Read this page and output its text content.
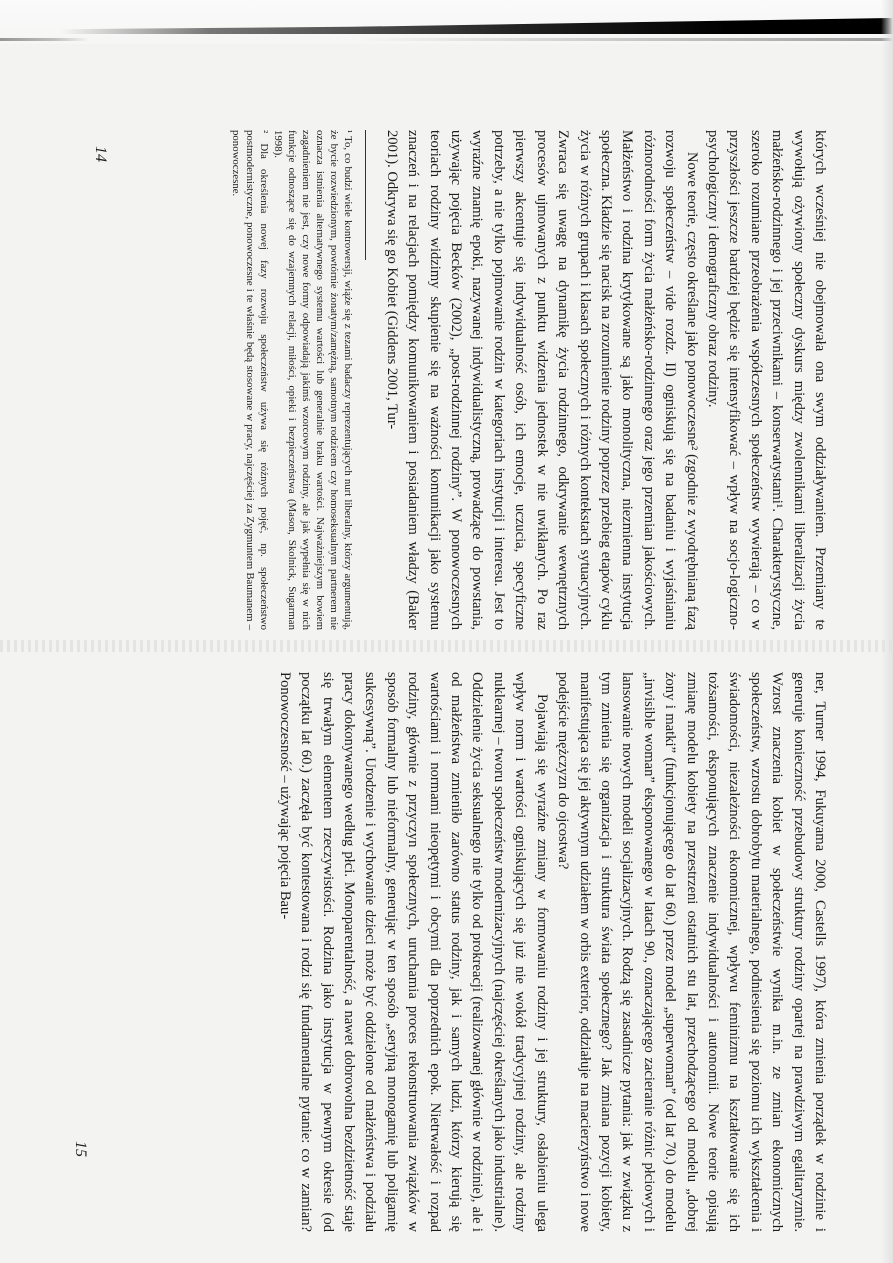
których wcześniej nie obejmowała ona swym oddziaływaniem. Przemiany te wywołują ożywiony społeczny dyskurs między zwolennikami liberalizacji życia małżeńsko-rodzinnego i jej przeciwnikami – konserwatystami¹. Charakterystyczne, szeroko rozumiane przeobrażenia współczesnych społeczeństw wywierają – co w przyszłości jeszcze bardziej będzie się intensyfikować – wpływ na socjo-logiczno-psychologiczny i demograficzny obraz rodziny.

Nowe teorie, często określane jako ponowoczesne² (zgodnie z wyodrębnianą fazą rozwoju społeczeństw – vide rozdz. II) ogniskują się na badaniu i wyjaśnianiu różnorodności form życia małżeńsko-rodzinnego oraz jego przemian jakościowych. Małżeństwo i rodzina krytykowane są jako monolityczna, niezmienna instytucja społeczna. Kładzie się nacisk na zrozumienie rodziny poprzez przebieg etapów cyklu życia w różnych grupach i klasach społecznych i różnych kontekstach sytuacyjnych. Zwraca się uwagę na dynamikę życia rodzinnego, odkrywanie wewnętrznych procesów ujmowanych z punktu widzenia jednostek w nie uwikłanych. Po raz pierwszy akcentuje się indywidualność osób, ich emocje, uczucia, specyficzne potrzeby, a nie tylko pojmowanie rodzin w kategoriach instytucji i interesu. Jest to wyraźne znamię epoki, nazywanej indywidualistyczną, prowadzące do powstania, używając pojęcia Becków (2002), „post-rodzinnej rodziny”. W ponowoczesnych teoriach rodziny widzimy skupienie się na ważności komunikacji jako systemu znaczeń i na relacjach pomiędzy komunikowaniem i posiadaniem władzy (Baker 2001). Odkrywa się go Kobiet (Giddens 2001, Tur-

¹ To, co budzi wiele kontrowersji, wiąże się z tezami badaczy reprezentujących nurt liberalny, którzy argumentują, że bycie rozwiedzionym, powtórnie żonatym/zamężną, samotnym rodzicem czy homoseksualnym partnerem nie oznacza istnienia alternatywnego systemu wartości lub generalnie braku wartości. Najważniejszym bowiem zagadnieniem nie jest, czy nowe formy odpowiadają jakimś wzorcowym rodziny, ale jak wypełnia się w nich funkcje odnoszące się do wzajemnych relacji, miłości, opieki i bezpieczeństwa (Mason, Skolnick, Sugarman 1998).

² Dla określenia nowej fazy rozwoju społeczeństw używa się różnych pojęć, np. społeczeństwo postmodernistyczne, ponowoczesne i te właśnie będą stosowane w pracy, najczęściej za Zygmuntem Baumanem – ponowoczesne.

ner, Turner 1994, Fukuyama 2000, Castells 1997), która zmienia porządek w rodzinie i generuje konieczność przebudowy struktury rodziny opartej na prawdziwym egalitaryzmie. Wzrost znaczenia kobiet w społeczeństwie wynika m.in. ze zmian ekonomicznych społeczeństw, wzrostu dobrobytu materialnego, podniesienia się poziomu ich wykształcenia i świadomości, niezależności ekonomicznej, wpływu feminizmu na kształtowanie się ich tożsamości, eksponujących znaczenie indywidualności i autonomii. Nowe teorie opisują zmianę modelu kobiety na przestrzeni ostatnich stu lat, przechodzącego od modelu „dobrej żony i matki” (funkcjonującego do lat 60.) przez model „superwoman” (od lat 70.) do modelu „invisible woman” eksponowanego w latach 90., oznaczającego zacieranie różnic płciowych i lansowanie nowych modeli socjalizacyjnych. Rodzą się zasadnicze pytania: jak w związku z tym zmienia się organizacja i struktura świata społecznego? Jak zmiana pozycji kobiety, manifestująca się jej aktywnym udziałem w orbis exterior, oddziałuje na macierzyństwo i nowe podejście mężczyzn do ojcostwa?

Pojawiają się wyraźne zmiany w formowaniu rodziny i jej struktury, osłabieniu ulega wpływ norm i wartości ogniskujących się już nie wokół tradycyjnej rodziny, ale rodziny nuklearnej – tworu społeczeństw modernizacyjnych (najczęściej określanych jako industrialne). Oddzielenie życia seksualnego nie tylko od prokreacji (realizowanej głównie w rodzinie), ale i od małżeństwa zmieniło zarówno status rodziny, jak i samych ludzi, którzy kierują się wartościami i normami nieopętymi i obcymi dla poprzednich epok. Nietrwałość i rozpad rodziny, głównie z przyczyn społecznych, uruchamia proces rekonstruowania związków w sposób formalny lub nieformalny, generując w ten sposób „seryjną monogamię lub poligamię sukcesywną”. Urodzenie i wychowanie dzieci może być oddzielone od małżeństwa i podziału pracy dokonywanego według płci. Monoparentalność, a nawet dobrowolna bezdzietność staje się trwałym elementem rzeczywistości. Rodzina jako instytucja w pewnym okresie (od początku lat 60.) zaczęła być kontestowana i rodzi się fundamentalne pytanie: co w zamian? Ponowoczesność – używając pojęcia Bau-

14
15
